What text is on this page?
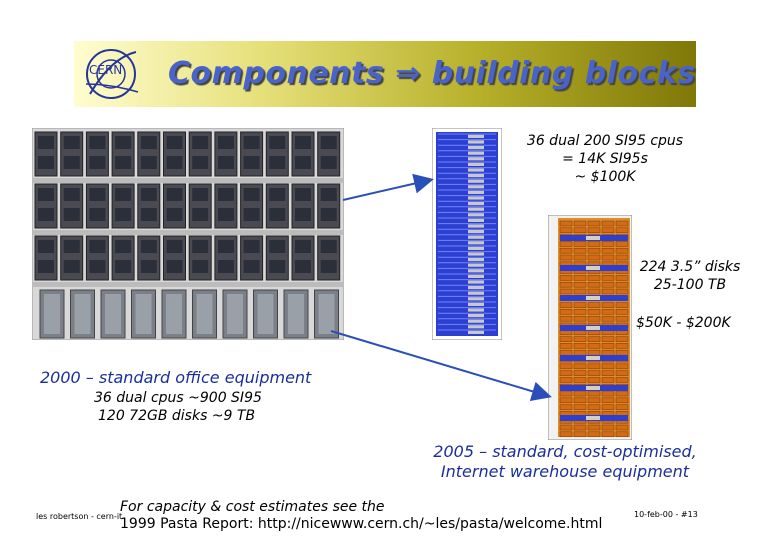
CERN Components ⇒ building blocks
36 dual 200 SI95 cpus
= 14K SI95s
~ $100K
224 3.5” disks
25-100 TB
$50K - $200K
2000 – standard office equipment
36 dual cpus ~900 SI95
120 72GB disks ~9 TB
2005 – standard, cost-optimised,
Internet warehouse equipment
les robertson - cern-it
For capacity & cost estimates see the
1999 Pasta Report: http://nicewww.cern.ch/~les/pasta/welcome.html
10-feb-00 - #13
